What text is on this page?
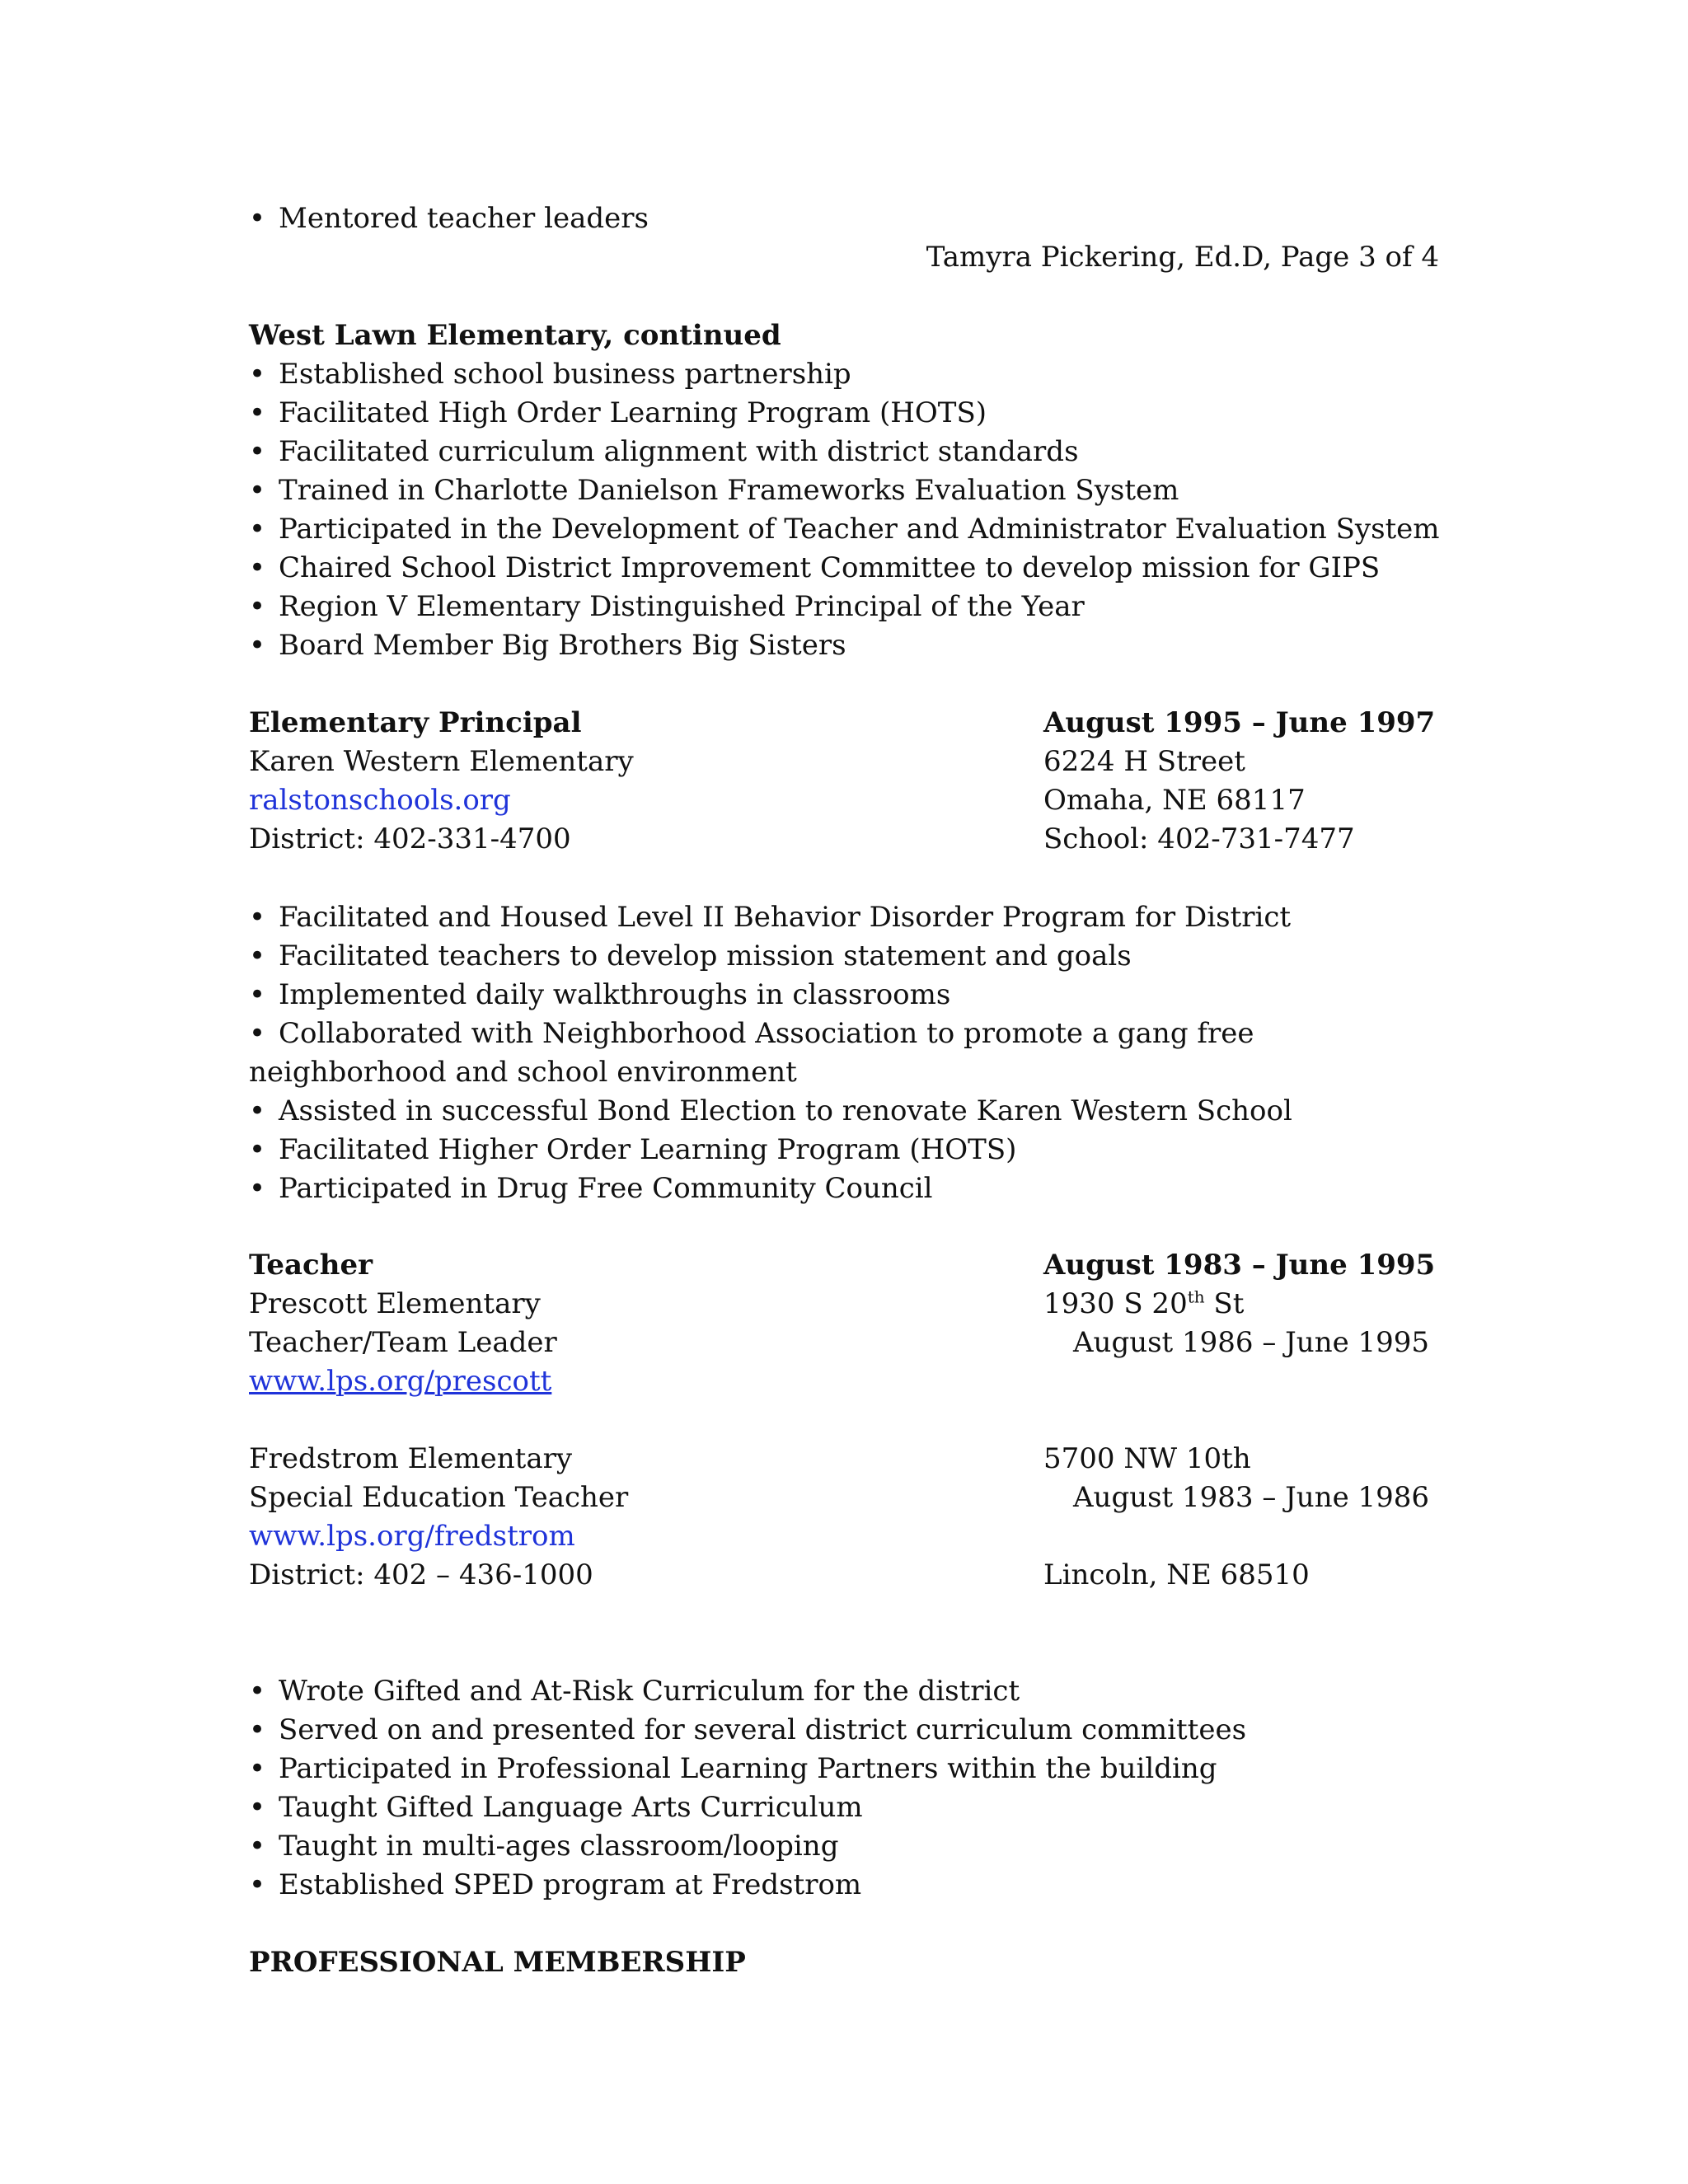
• Mentored teacher leaders
Tamyra Pickering, Ed.D, Page 3 of 4
West Lawn Elementary, continued
• Established school business partnership
• Facilitated High Order Learning Program (HOTS)
• Facilitated curriculum alignment with district standards
• Trained in Charlotte Danielson Frameworks Evaluation System
• Participated in the Development of Teacher and Administrator Evaluation System
• Chaired School District Improvement Committee to develop mission for GIPS
• Region V Elementary Distinguished Principal of the Year
• Board Member Big Brothers Big Sisters
Elementary Principal	August 1995 – June 1997
Karen Western Elementary	6224 H Street
ralstonschools.org	Omaha, NE 68117
District: 402-331-4700	School: 402-731-7477
• Facilitated and Housed Level II Behavior Disorder Program for District
• Facilitated teachers to develop mission statement and goals
• Implemented daily walkthroughs in classrooms
• Collaborated with Neighborhood Association to promote a gang free
neighborhood and school environment
• Assisted in successful Bond Election to renovate Karen Western School
• Facilitated Higher Order Learning Program (HOTS)
• Participated in Drug Free Community Council
Teacher	August 1983 – June 1995
Prescott Elementary	1930 S 20th St
Teacher/Team Leader	August 1986 – June 1995
www.lps.org/prescott
Fredstrom Elementary	5700 NW 10th
Special Education Teacher	August 1983 – June 1986
www.lps.org/fredstrom
District: 402 – 436-1000	Lincoln, NE 68510
• Wrote Gifted and At-Risk Curriculum for the district
• Served on and presented for several district curriculum committees
• Participated in Professional Learning Partners within the building
• Taught Gifted Language Arts Curriculum
• Taught in multi-ages classroom/looping
• Established SPED program at Fredstrom
PROFESSIONAL MEMBERSHIP
